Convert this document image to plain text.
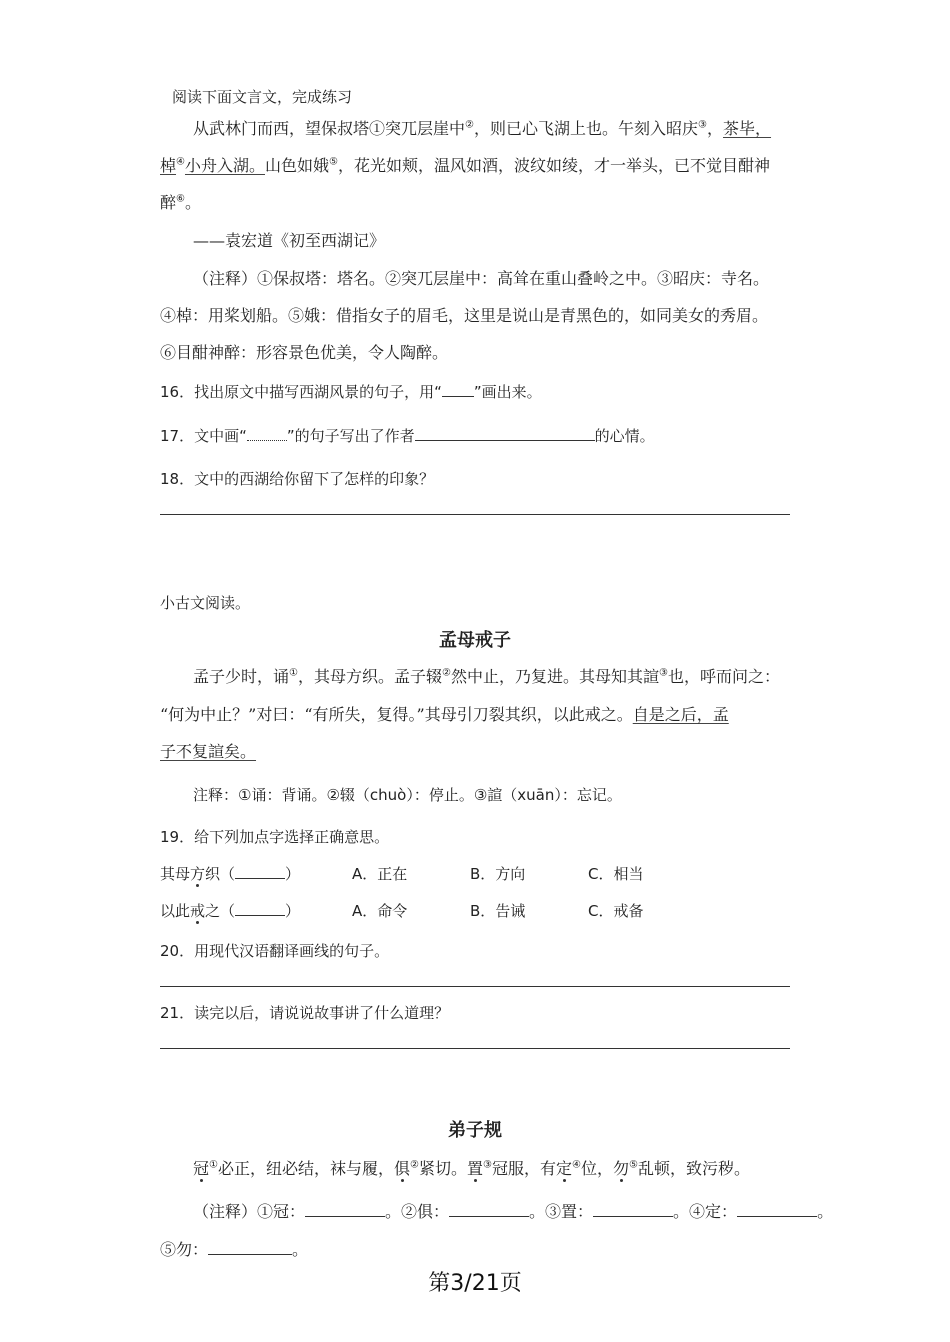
阅读下面文言文，完成练习
从武林门而西，望保叔塔①突兀层崖中②，则已心飞湖上也。午刻入昭庆③，茶毕，
棹④小舟入湖。山色如娥⑤，花光如颊，温风如酒，波纹如绫，才一举头，已不觉目酣神
醉⑥。
——袁宏道《初至西湖记》
（注释）①保叔塔：塔名。②突兀层崖中：高耸在重山叠岭之中。③昭庆：寺名。
④棹：用桨划船。⑤娥：借指女子的眉毛，这里是说山是青黑色的，如同美女的秀眉。
⑥目酣神醉：形容景色优美，令人陶醉。
16．找出原文中描写西湖风景的句子，用“ ”画出来。
17．文中画“	”的句子写出了作者	的心情。
18．文中的西湖给你留下了怎样的印象？
小古文阅读。
孟母戒子
孟子少时，诵①，其母方织。孟子辍②然中止，乃复进。其母知其諠③也，呼而问之：
“何为中止？”对曰：“有所失，复得。”其母引刀裂其织，以此戒之。自是之后，孟
子不复諠矣。
注释：①诵：背诵。②辍（chuò）：停止。③諠（xuān）：忘记。
19．给下列加点字选择正确意思。
其母方织（	）	A．正在	B．方向	C．相当
以此戒之（	）	A．命令	B．告诫	C．戒备
20．用现代汉语翻译画线的句子。
21．读完以后，请说说故事讲了什么道理？
弟子规
冠①必正，纽必结，袜与履，俱②紧切。置③冠服，有定④位，勿⑤乱顿，致污秽。
（注释）①冠：	。②俱：	。③置：	。④定：	。
⑤勿：	。
第3/21页
